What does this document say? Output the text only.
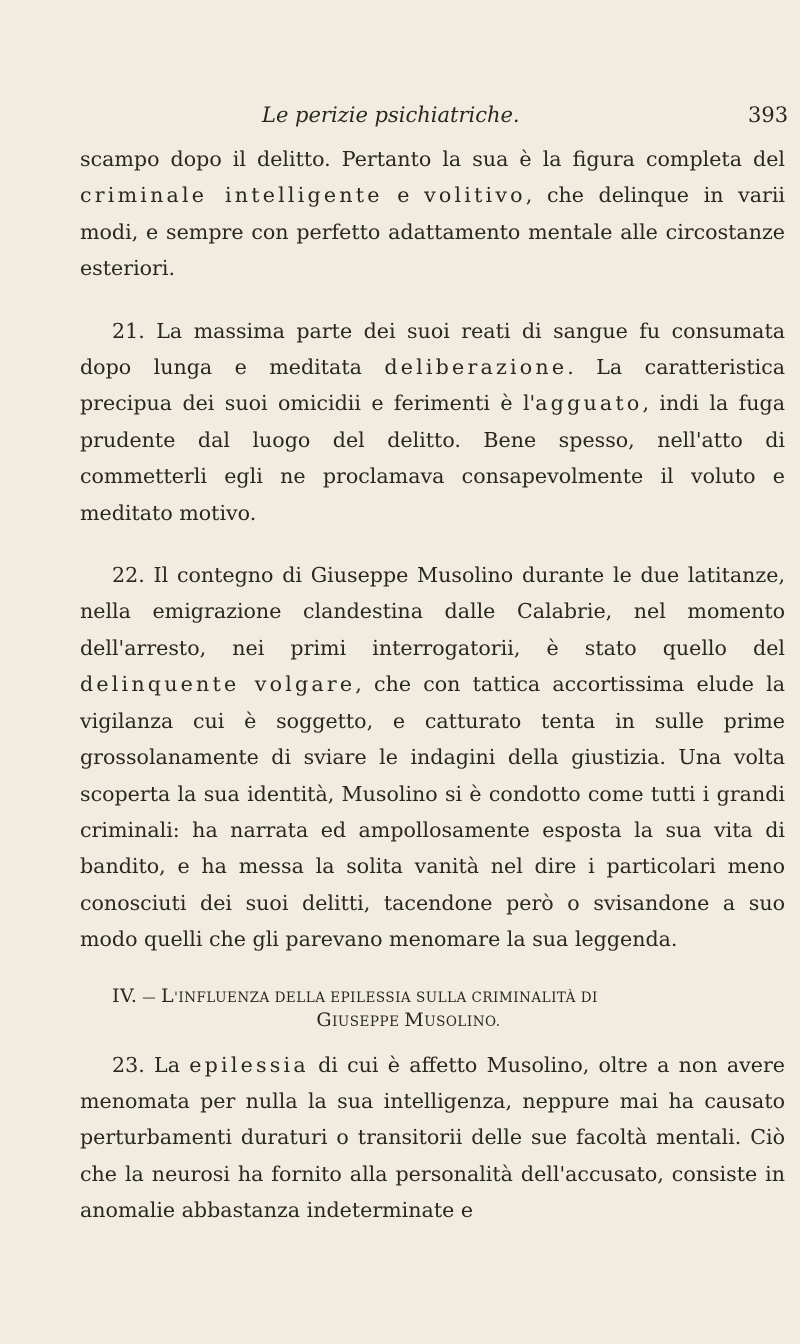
Le perizie psichiatriche.	393

scampo dopo il delitto. Pertanto la sua è la figura completa del criminale intelligente e volitivo, che delinque in varii modi, e sempre con perfetto adattamento mentale alle circostanze esteriori.

21. La massima parte dei suoi reati di sangue fu consumata dopo lunga e meditata deliberazione. La caratteristica precipua dei suoi omicidii e ferimenti è l'agguato, indi la fuga prudente dal luogo del delitto. Bene spesso, nell'atto di commetterli egli ne proclamava consapevolmente il voluto e meditato motivo.

22. Il contegno di Giuseppe Musolino durante le due latitanze, nella emigrazione clandestina dalle Calabrie, nel momento dell'arresto, nei primi interrogatorii, è stato quello del delinquente volgare, che con tattica accortissima elude la vigilanza cui è soggetto, e catturato tenta in sulle prime grossolanamente di sviare le indagini della giustizia. Una volta scoperta la sua identità, Musolino si è condotto come tutti i grandi criminali: ha narrata ed ampollosamente esposta la sua vita di bandito, e ha messa la solita vanità nel dire i particolari meno conosciuti dei suoi delitti, tacendone però o svisandone a suo modo quelli che gli parevano menomare la sua leggenda.

IV. — L'INFLUENZA DELLA EPILESSIA SULLA CRIMINALITÀ DI
GIUSEPPE MUSOLINO.

23. La epilessia di cui è affetto Musolino, oltre a non avere menomata per nulla la sua intelligenza, neppure mai ha causato perturbamenti duraturi o transitorii delle sue facoltà mentali. Ciò che la neurosi ha fornito alla personalità dell'accusato, consiste in anomalie abbastanza indeterminate e
